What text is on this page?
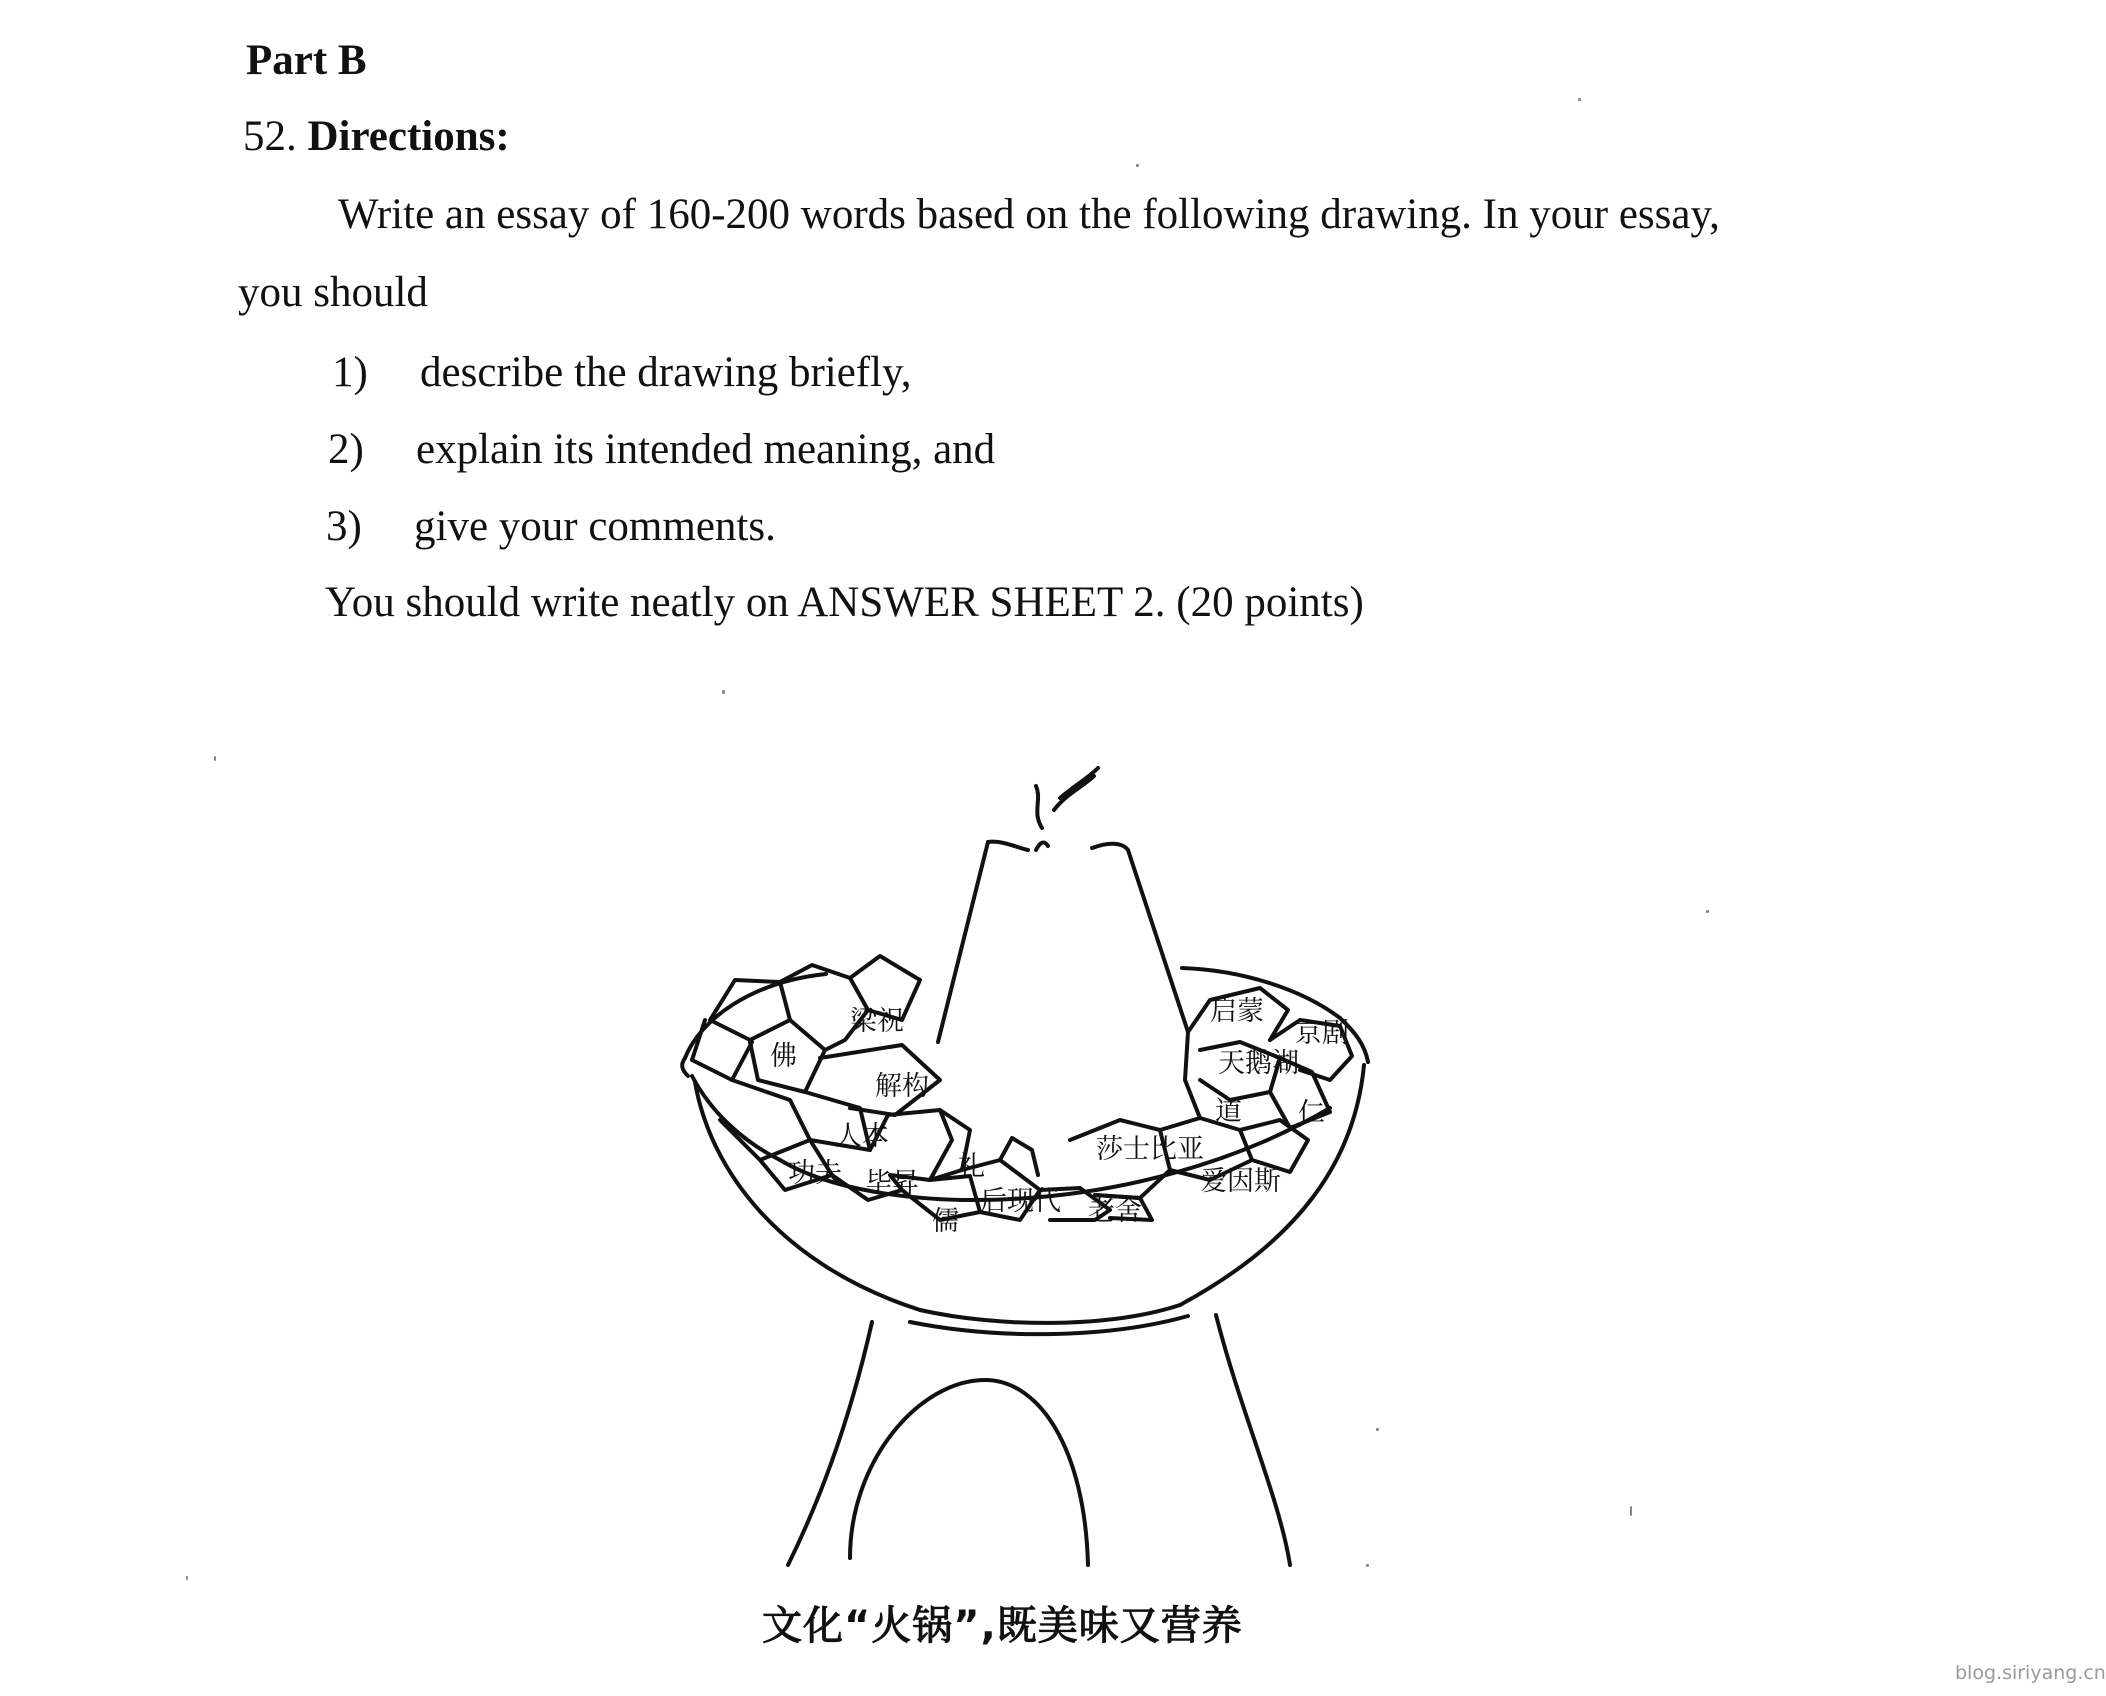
Part B
52. Directions:
Write an essay of 160-200 words based on the following drawing. In your essay,
you should
1) describe the drawing briefly,
2) explain its intended meaning, and
3) give your comments.
You should write neatly on ANSWER SHEET 2. (20 points)
梁祝
佛
解构
人本
功夫 毕昇
礼
儒
后现代 老舍
莎士比亚
爱因斯
道 仁
天鹅湖
启蒙
京剧
文化“火锅”,既美味又营养
blog.siriyang.cn
